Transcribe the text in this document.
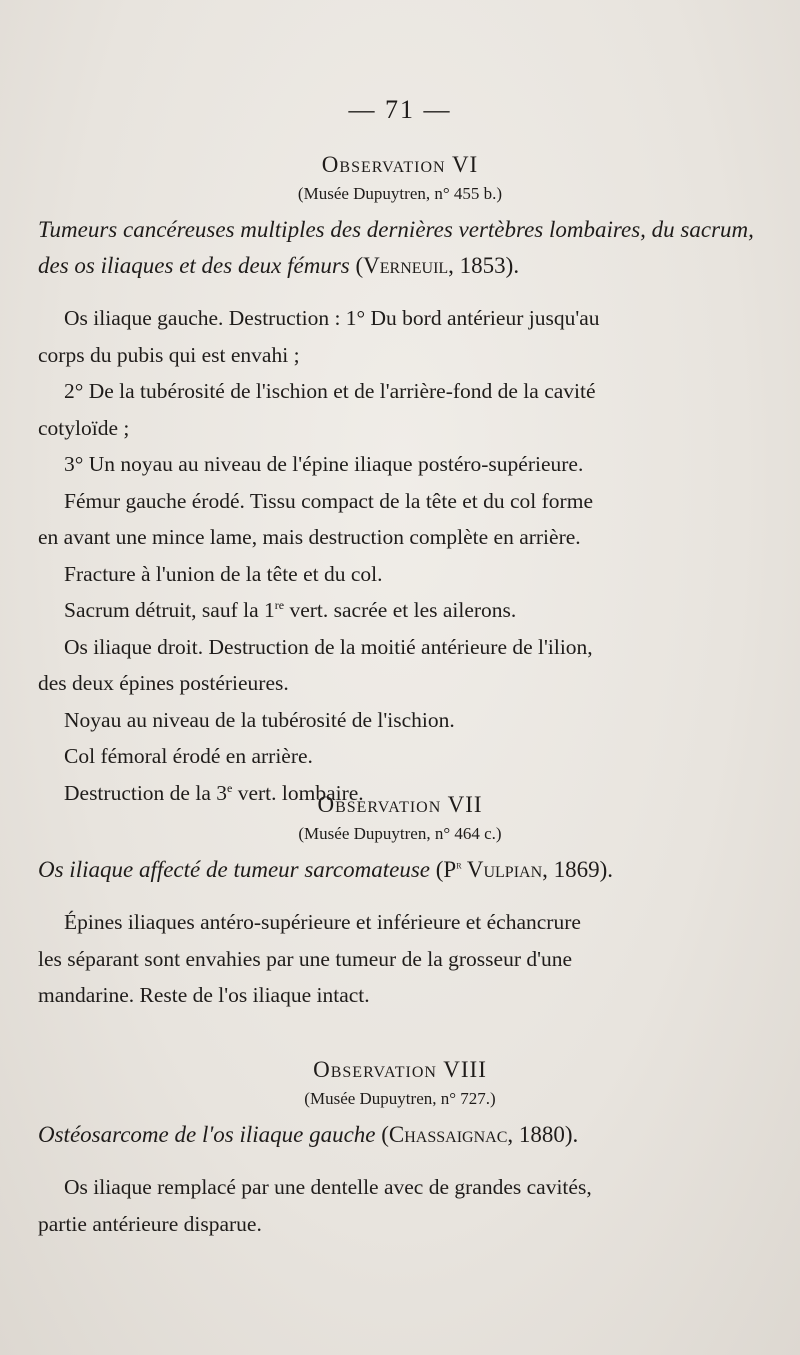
— 71 —

Observation VI

(Musée Dupuytren, n° 455 b.)

Tumeurs cancéreuses multiples des dernières vertèbres lombaires, du sacrum, des os iliaques et des deux fémurs (Verneuil, 1853).

Os iliaque gauche. Destruction : 1° Du bord antérieur jusqu'au

corps du pubis qui est envahi ;

2° De la tubérosité de l'ischion et de l'arrière-fond de la cavité

cotyloïde ;

3° Un noyau au niveau de l'épine iliaque postéro-supérieure.

Fémur gauche érodé. Tissu compact de la tête et du col forme

en avant une mince lame, mais destruction complète en arrière.

Fracture à l'union de la tête et du col.

Sacrum détruit, sauf la 1re vert. sacrée et les ailerons.

Os iliaque droit. Destruction de la moitié antérieure de l'ilion,

des deux épines postérieures.

Noyau au niveau de la tubérosité de l'ischion.

Col fémoral érodé en arrière.

Destruction de la 3e vert. lombaire.

Observation VII

(Musée Dupuytren, n° 464 c.)

Os iliaque affecté de tumeur sarcomateuse ($P^r$ Vulpian, 1869).

Épines iliaques antéro-supérieure et inférieure et échancrure

les séparant sont envahies par une tumeur de la grosseur d'une

mandarine. Reste de l'os iliaque intact.

Observation VIII

(Musée Dupuytren, n° 727.)

Ostéosarcome de l'os iliaque gauche (Chassaignac, 1880).

Os iliaque remplacé par une dentelle avec de grandes cavités,

partie antérieure disparue.
